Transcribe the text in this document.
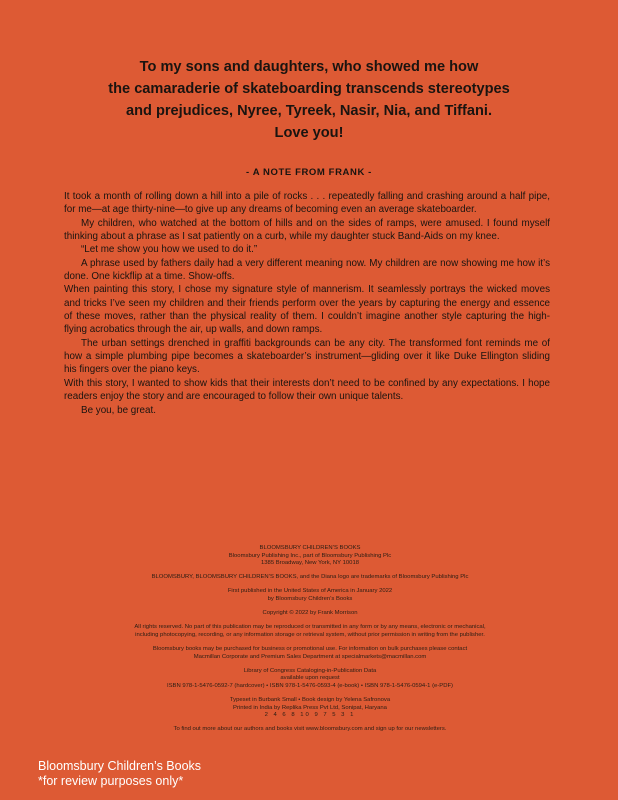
To my sons and daughters, who showed me how
the camaraderie of skateboarding transcends stereotypes
and prejudices, Nyree, Tyreek, Nasir, Nia, and Tiffani.
Love you!
- A NOTE FROM FRANK -

It took a month of rolling down a hill into a pile of rocks . . . repeatedly falling and crashing around a half pipe, for me—at age thirty-nine—to give up any dreams of becoming even an average skateboarder.

My children, who watched at the bottom of hills and on the sides of ramps, were amused. I found myself thinking about a phrase as I sat patiently on a curb, while my daughter stuck Band-Aids on my knee.

“Let me show you how we used to do it.”

A phrase used by fathers daily had a very different meaning now. My children are now showing me how it’s done. One kickflip at a time. Show-offs.

When painting this story, I chose my signature style of mannerism. It seamlessly portrays the wicked moves and tricks I’ve seen my children and their friends perform over the years by capturing the energy and essence of these moves, rather than the physical reality of them. I couldn’t imagine another style capturing the high-flying acrobatics through the air, up walls, and down ramps.

The urban settings drenched in graffiti backgrounds can be any city. The transformed font reminds me of how a simple plumbing pipe becomes a skateboarder’s instrument—gliding over it like Duke Ellington sliding his fingers over the piano keys.

With this story, I wanted to show kids that their interests don’t need to be confined by any expectations. I hope readers enjoy the story and are encouraged to follow their own unique talents.

Be you, be great.

BLOOMSBURY CHILDREN’S BOOKS
Bloomsbury Publishing Inc., part of Bloomsbury Publishing Plc
1385 Broadway, New York, NY 10018

BLOOMSBURY, BLOOMSBURY CHILDREN’S BOOKS, and the Diana logo are trademarks of Bloomsbury Publishing Plc

First published in the United States of America in January 2022
by Bloomsbury Children’s Books

Copyright © 2022 by Frank Morrison

All rights reserved. No part of this publication may be reproduced or transmitted in any form or by any means, electronic or mechanical,
including photocopying, recording, or any information storage or retrieval system, without prior permission in writing from the publisher.
Bloomsbury books may be purchased for business or promotional use. For information on bulk purchases please contact
Macmillan Corporate and Premium Sales Department at specialmarkets@macmillan.com
Library of Congress Cataloging-in-Publication Data
available upon request
ISBN 978-1-5476-0592-7 (hardcover) • ISBN 978-1-5476-0593-4 (e-book) • ISBN 978-1-5476-0594-1 (e-PDF)
Typeset in Burbank Small • Book design by Yelena Safronova
Printed in India by Replika Press Pvt Ltd, Sonipat, Haryana
2 4 6 8 10 9 7 5 3 1
To find out more about our authors and books visit www.bloomsbury.com and sign up for our newsletters.
Bloomsbury Children’s Books
*for review purposes only*
